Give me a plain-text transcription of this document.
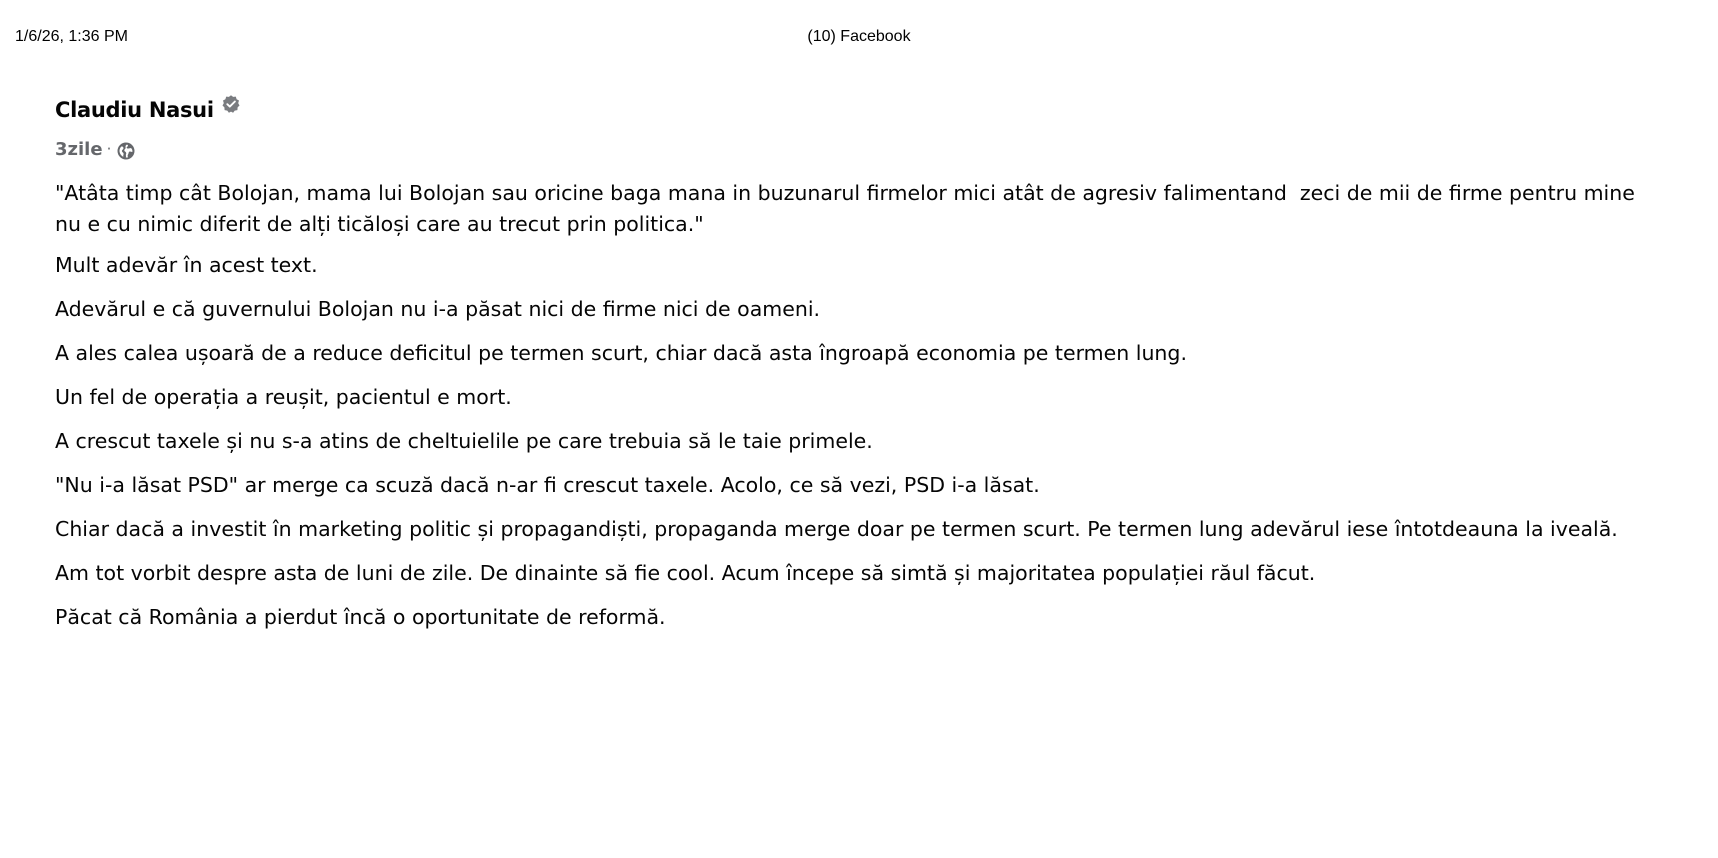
1/6/26, 1:36 PM	(10) Facebook
Claudiu Nasui
3zile ·

"Atâta timp cât Bolojan, mama lui Bolojan sau oricine baga mana in buzunarul firmelor mici atât de agresiv falimentand  zeci de mii de firme pentru mine nu e cu nimic diferit de alți ticăloși care au trecut prin politica."

Mult adevăr în acest text.

Adevărul e că guvernului Bolojan nu i-a păsat nici de firme nici de oameni.

A ales calea ușoară de a reduce deficitul pe termen scurt, chiar dacă asta îngroapă economia pe termen lung.

Un fel de operația a reușit, pacientul e mort.

A crescut taxele și nu s-a atins de cheltuielile pe care trebuia să le taie primele.

"Nu i-a lăsat PSD" ar merge ca scuză dacă n-ar fi crescut taxele. Acolo, ce să vezi, PSD i-a lăsat.

Chiar dacă a investit în marketing politic și propagandiști, propaganda merge doar pe termen scurt. Pe termen lung adevărul iese întotdeauna la iveală.

Am tot vorbit despre asta de luni de zile. De dinainte să fie cool. Acum începe să simtă și majoritatea populației răul făcut.

Păcat că România a pierdut încă o oportunitate de reformă.
